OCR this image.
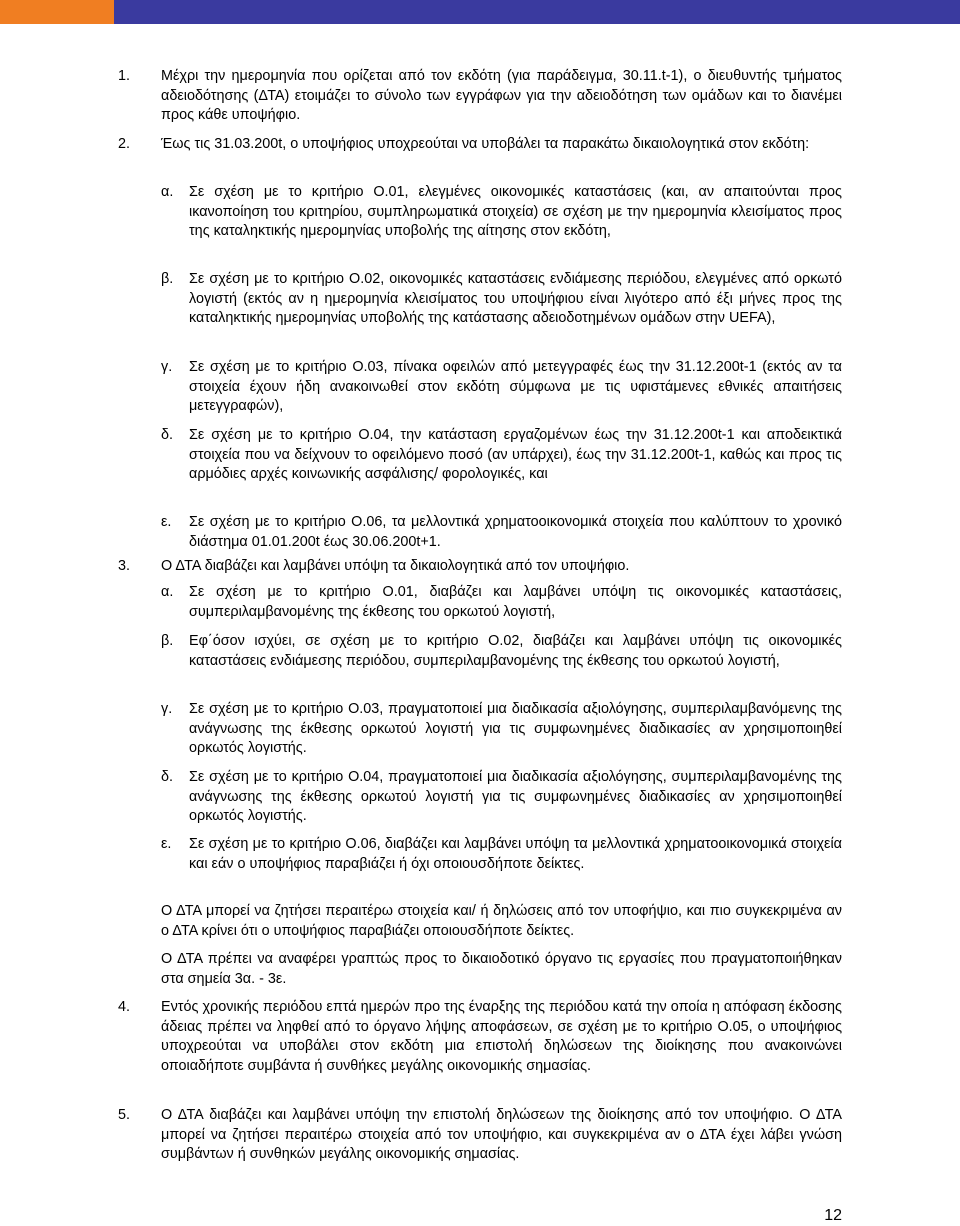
1. Μέχρι την ημερομηνία που ορίζεται από τον εκδότη (για παράδειγμα, 30.11.t-1), ο διευθυντής τμήματος αδειοδότησης (ΔΤΑ) ετοιμάζει το σύνολο των εγγράφων για την αδειοδότηση των ομάδων και το διανέμει προς κάθε υποψήφιο.
2. Έως τις 31.03.200t, ο υποψήφιος υποχρεούται να υποβάλει τα παρακάτω δικαιολογητικά στον εκδότη:
α. Σε σχέση με το κριτήριο Ο.01, ελεγμένες οικονομικές καταστάσεις (και, αν απαιτούνται προς ικανοποίηση του κριτηρίου, συμπληρωματικά στοιχεία) σε σχέση με την ημερομηνία κλεισίματος προς της καταληκτικής ημερομηνίας υποβολής της αίτησης στον εκδότη,
β. Σε σχέση με το κριτήριο Ο.02, οικονομικές καταστάσεις ενδιάμεσης περιόδου, ελεγμένες από ορκωτό λογιστή (εκτός αν η ημερομηνία κλεισίματος του υποψήφιου είναι λιγότερο από έξι μήνες προς της καταληκτικής ημερομηνίας υποβολής της κατάστασης αδειοδοτημένων ομάδων στην UEFA),
γ. Σε σχέση με το κριτήριο Ο.03, πίνακα οφειλών από μετεγγραφές έως την 31.12.200t-1 (εκτός αν τα στοιχεία έχουν ήδη ανακοινωθεί στον εκδότη σύμφωνα με τις υφιστάμενες εθνικές απαιτήσεις μετεγγραφών),
δ. Σε σχέση με το κριτήριο Ο.04, την κατάσταση εργαζομένων έως την 31.12.200t-1 και αποδεικτικά στοιχεία που να δείχνουν το οφειλόμενο ποσό (αν υπάρχει), έως την 31.12.200t-1, καθώς και προς τις αρμόδιες αρχές κοινωνικής ασφάλισης/ φορολογικές, και
ε. Σε σχέση με το κριτήριο Ο.06, τα μελλοντικά χρηματοοικονομικά στοιχεία που καλύπτουν το χρονικό διάστημα 01.01.200t έως 30.06.200t+1.
3. Ο ΔΤΑ διαβάζει και λαμβάνει υπόψη τα δικαιολογητικά από τον υποψήφιο.
α. Σε σχέση με το κριτήριο Ο.01, διαβάζει και λαμβάνει υπόψη τις οικονομικές καταστάσεις, συμπεριλαμβανομένης της έκθεσης του ορκωτού λογιστή,
β. Εφ΄όσον ισχύει, σε σχέση με το κριτήριο Ο.02, διαβάζει και λαμβάνει υπόψη τις οικονομικές καταστάσεις ενδιάμεσης περιόδου, συμπεριλαμβανομένης της έκθεσης του ορκωτού λογιστή,
γ. Σε σχέση με το κριτήριο Ο.03, πραγματοποιεί μια διαδικασία αξιολόγησης, συμπεριλαμβανόμενης της ανάγνωσης της έκθεσης ορκωτού λογιστή για τις συμφωνημένες διαδικασίες αν χρησιμοποιηθεί ορκωτός λογιστής.
δ. Σε σχέση με το κριτήριο Ο.04, πραγματοποιεί μια διαδικασία αξιολόγησης, συμπεριλαμβανομένης της ανάγνωσης της έκθεσης ορκωτού λογιστή για τις συμφωνημένες διαδικασίες αν χρησιμοποιηθεί ορκωτός λογιστής.
ε. Σε σχέση με το κριτήριο Ο.06, διαβάζει και λαμβάνει υπόψη τα μελλοντικά χρηματοοικονομικά στοιχεία και εάν ο υποψήφιος παραβιάζει ή όχι οποιουσδήποτε δείκτες.
Ο ΔΤΑ μπορεί να ζητήσει περαιτέρω στοιχεία και/ ή δηλώσεις από τον υποφήψιο, και πιο συγκεκριμένα αν ο ΔΤΑ κρίνει ότι ο υποψήφιος παραβιάζει οποιουσδήποτε δείκτες.
Ο ΔΤΑ πρέπει να αναφέρει γραπτώς προς το δικαιοδοτικό όργανο τις εργασίες που πραγματοποιήθηκαν στα σημεία 3α. - 3ε.
4. Εντός χρονικής περιόδου επτά ημερών προ της έναρξης της περιόδου κατά την οποία η απόφαση έκδοσης άδειας πρέπει να ληφθεί από το όργανο λήψης αποφάσεων, σε σχέση με το κριτήριο Ο.05, ο υποψήφιος υποχρεούται να υποβάλει στον εκδότη μια επιστολή δηλώσεων της διοίκησης που ανακοινώνει οποιαδήποτε συμβάντα ή συνθήκες μεγάλης οικονομικής σημασίας.
5. Ο ΔΤΑ διαβάζει και λαμβάνει υπόψη την επιστολή δηλώσεων της διοίκησης από τον υποψήφιο. Ο ΔΤΑ μπορεί να ζητήσει περαιτέρω στοιχεία από τον υποψήφιο, και συγκεκριμένα αν ο ΔΤΑ έχει λάβει γνώση συμβάντων ή συνθηκών μεγάλης οικονομικής σημασίας.
12
